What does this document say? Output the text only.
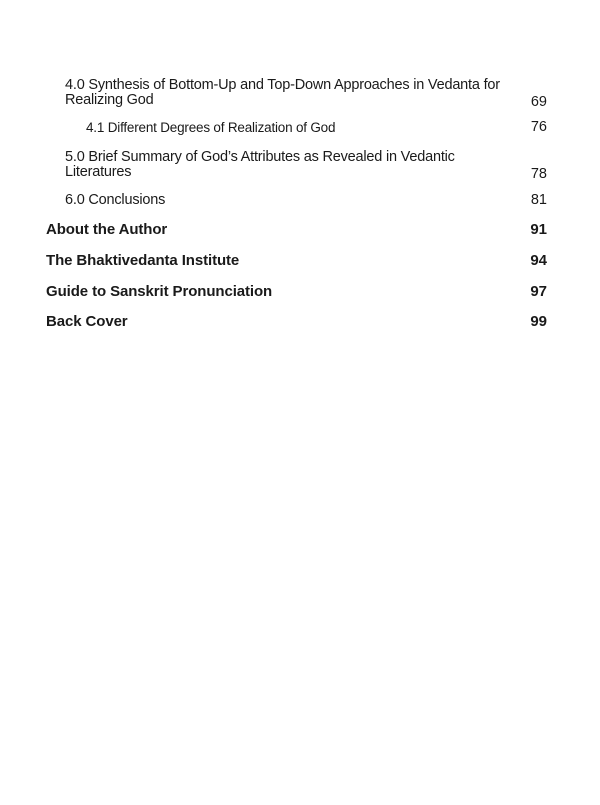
4.0 Synthesis of Bottom-Up and Top-Down Approaches in Vedanta for Realizing God	69
4.1 Different Degrees of Realization of God	76
5.0 Brief Summary of God’s Attributes as Revealed in Vedantic Literatures	78
6.0 Conclusions	81
About the Author	91
The Bhaktivedanta Institute	94
Guide to Sanskrit Pronunciation	97
Back Cover	99
